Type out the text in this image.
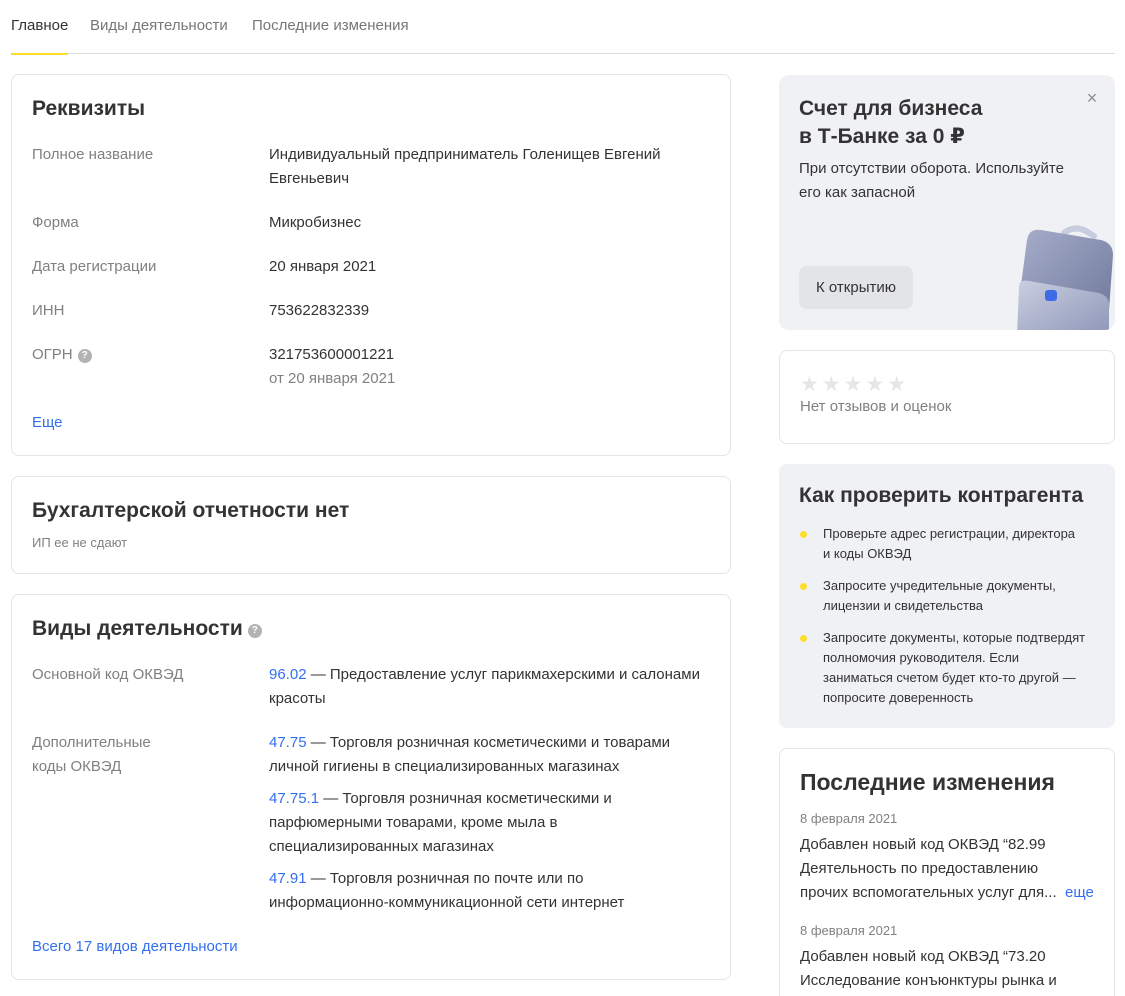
Главное Виды деятельности Последние изменения
Реквизиты
Полное название	Индивидуальный предприниматель Голенищев Евгений
Евгеньевич
Форма	Микробизнес
Дата регистрации	20 января 2021
ИНН	753622832339
ОГРН ?	321753600001221
от 20 января 2021
Еще
Бухгалтерской отчетности нет
ИП ее не сдают
Виды деятельности ?
Основной код ОКВЭД	96.02 — Предоставление услуг парикмахерскими и салонами
красоты
Дополнительные
коды ОКВЭД
47.75 — Торговля розничная косметическими и товарами
личной гигиены в специализированных магазинах
47.75.1 — Торговля розничная косметическими и
парфюмерными товарами, кроме мыла в
специализированных магазинах
47.91 — Торговля розничная по почте или по
информационно-коммуникационной сети интернет
Всего 17 видов деятельности
Счет для бизнеса
в Т-Банке за 0 ₽
При отсутствии оборота. Используйте
его как запасной
К открытию
×
★★★★★
Нет отзывов и оценок
Как проверить контрагента
Проверьте адрес регистрации, директора
и коды ОКВЭД
Запросите учредительные документы,
лицензии и свидетельства
Запросите документы, которые подтвердят
полномочия руководителя. Если
заниматься счетом будет кто-то другой —
попросите доверенность
Последние изменения
8 февраля 2021
Добавлен новый код ОКВЭД “82.99
Деятельность по предоставлению
прочих вспомогательных услуг для... еще
8 февраля 2021
Добавлен новый код ОКВЭД “73.20
Исследование конъюнктуры рынка и
